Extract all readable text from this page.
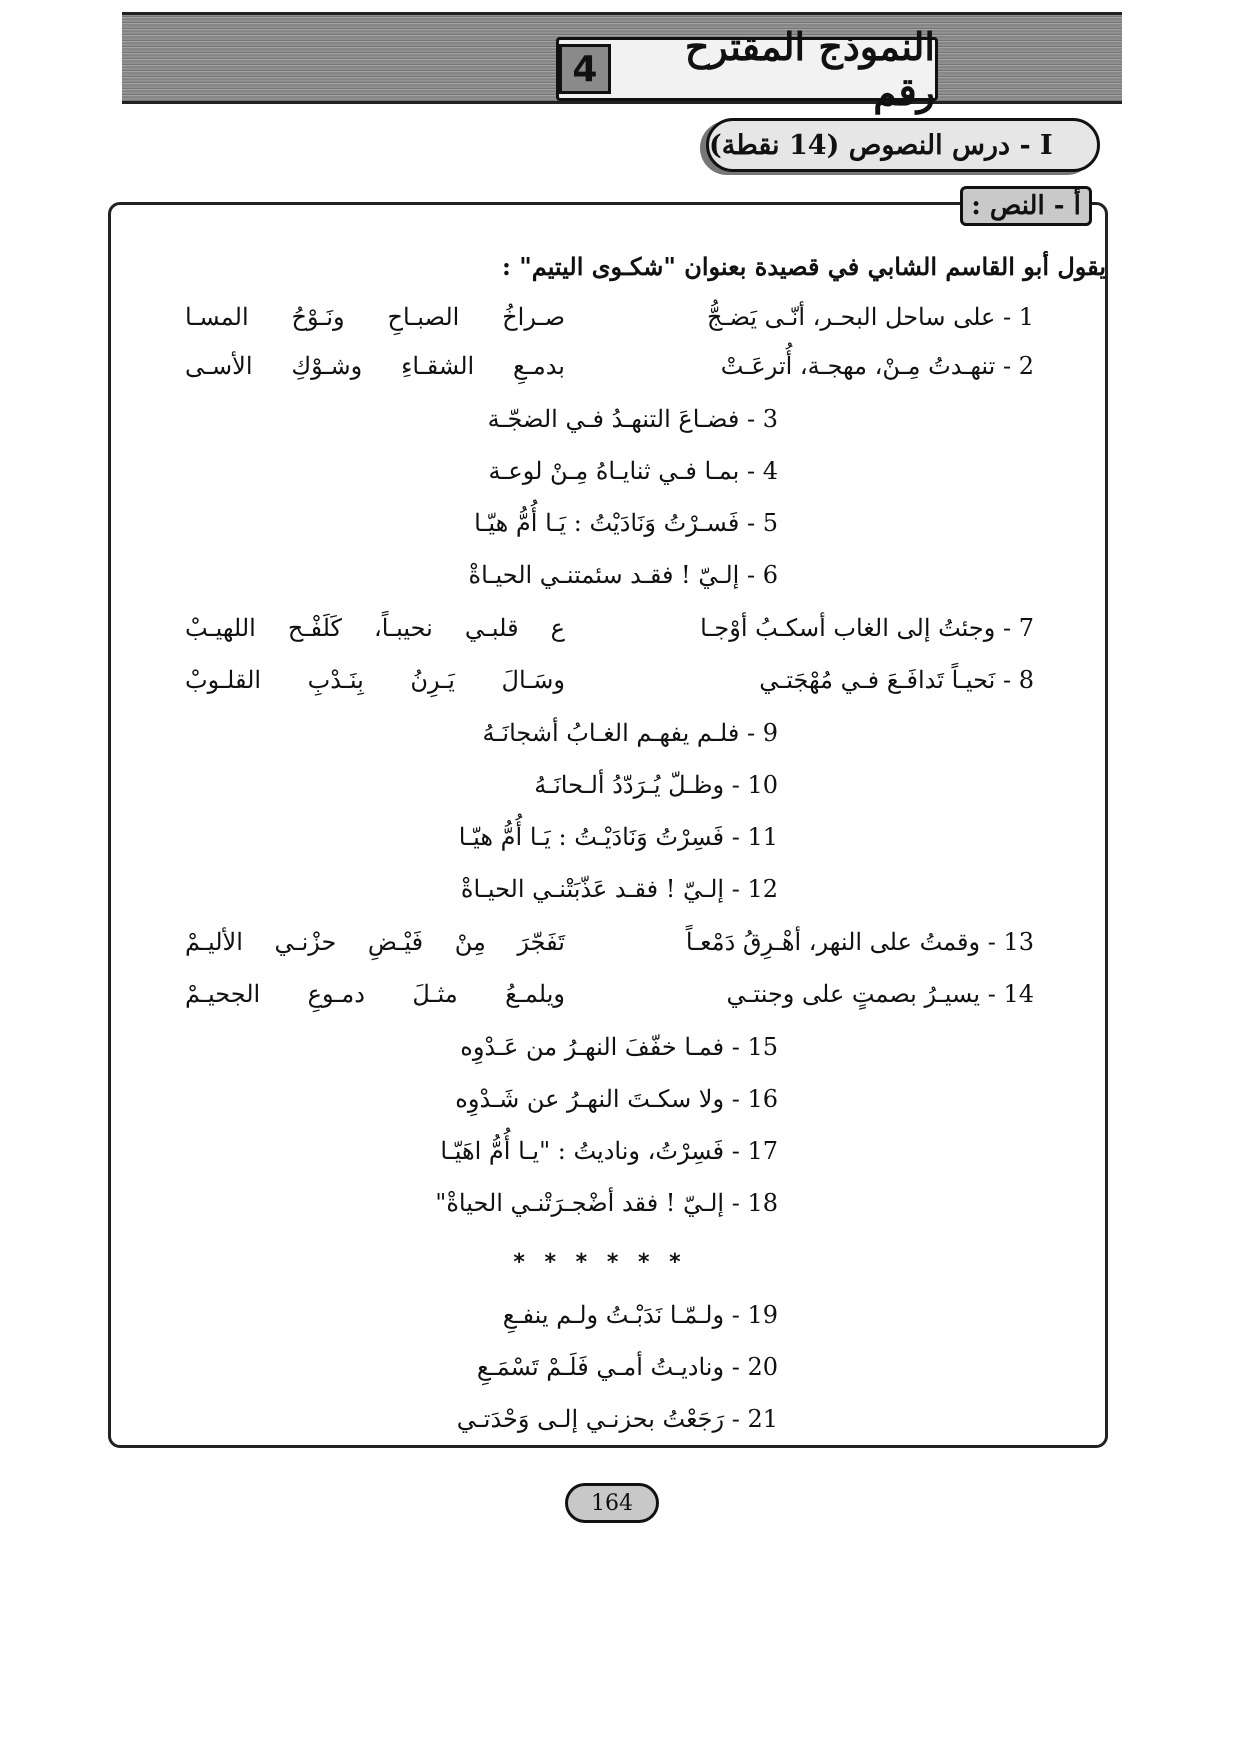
النموذج المقترح رقم
4
I - درس النصوص (14 نقطة)
أ - النص :
يقول أبو القاسم الشابي في قصيدة بعنوان "شكـوى اليتيم" :
1 - على ساحل البحـر، أنّـى يَضـجُّ
صـراخُ الصبـاحِ ونَـوْحُ المسـا
2 - تنهـدتُ مِـنْ، مهجـة، أُترعَـتْ
بدمـعِ الشقـاءِ وشـوْكِ الأسـى
3 - فضـاعَ التنهـدُ فـي الضجّـة
4 - بمـا فـي ثنايـاهُ مِـنْ لوعـة
5 - فَسـرْتُ وَنَادَيْتُ : يَـا أُمُّ هيّـا
6 - إلـيّ ! فقـد سئمتنـي الحيـاةْ
7 - وجئتُ إلى الغاب أسكـبُ أوْجـا
ع قلبـي نحيبـاً، كَلَفْـح اللهيـبْ
8 - نَحيـاً تَدافَـعَ فـي مُهْجَتـي
وسَـالَ يَـرِنُ بِنَـدْبِ القلـوبْ
9 - فلـم يفهـم الغـابُ أشجانَـهُ
10 - وظـلّ يُـرَدّدُ ألـحانَـهُ
11 - فَسِرْتُ وَنَادَيْـتُ : يَـا أُمُّ هيّـا
12 - إلـيّ ! فقـد عَذّبَتْنـي الحيـاةْ
13 - وقمتُ على النهر، أهْـرِقُ دَمْعـاً
تَفَجّرَ مِنْ فَيْـضِ حزْنـي الأليـمْ
14 - يسيـرُ بصمتٍ على وجنتـي
ويلمـعُ مثـلَ دمـوعِ الجحيـمْ
15 - فمـا خفّفَ النهـرُ من عَـدْوِه
16 - ولا سكـتَ النهـرُ عن شَـدْوِه
17 - فَسِرْتُ، وناديتُ : "يـا أُمُّ اهَيّـا
18 - إلـيّ ! فقد أضْجـرَتْنـي الحياةْ"
* * * * * *
19 - ولـمّـا نَدَبْـتُ ولـم ينفـعِ
20 - وناديـتُ أمـي فَلَـمْ تَسْمَـعِ
21 - رَجَعْتُ بحزنـي إلـى وَحْدَتـي
164
